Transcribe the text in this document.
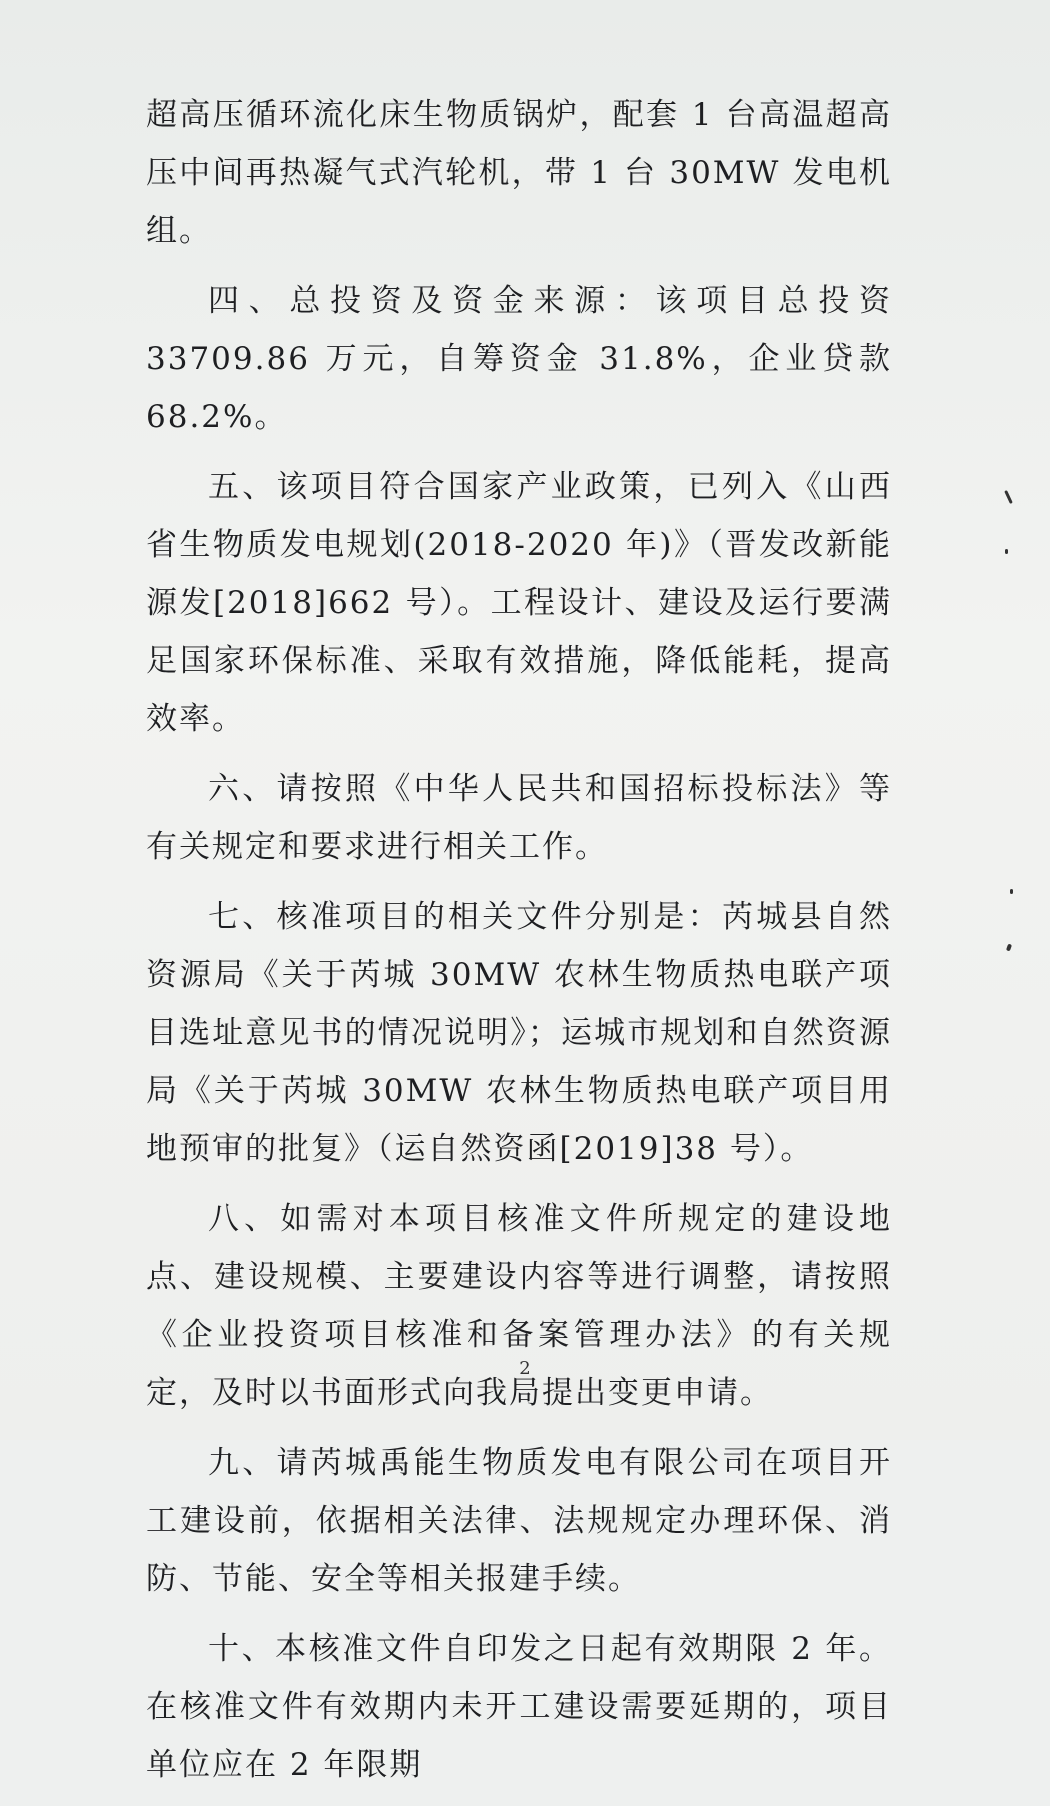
超高压循环流化床生物质锅炉，配套 1 台高温超高压中间再热凝气式汽轮机，带 1 台 30MW 发电机组。

四、总投资及资金来源：该项目总投资 33709.86 万元，自筹资金 31.8%，企业贷款 68.2%。

五、该项目符合国家产业政策，已列入《山西省生物质发电规划(2018-2020 年)》（晋发改新能源发[2018]662 号）。工程设计、建设及运行要满足国家环保标准、采取有效措施，降低能耗，提高效率。

六、请按照《中华人民共和国招标投标法》等有关规定和要求进行相关工作。

七、核准项目的相关文件分别是：芮城县自然资源局《关于芮城 30MW 农林生物质热电联产项目选址意见书的情况说明》；运城市规划和自然资源局《关于芮城 30MW 农林生物质热电联产项目用地预审的批复》（运自然资函[2019]38 号）。

八、如需对本项目核准文件所规定的建设地点、建设规模、主要建设内容等进行调整，请按照《企业投资项目核准和备案管理办法》的有关规定，及时以书面形式向我局提出变更申请。

九、请芮城禹能生物质发电有限公司在项目开工建设前，依据相关法律、法规规定办理环保、消防、节能、安全等相关报建手续。

十、本核准文件自印发之日起有效期限 2 年。在核准文件有效期内未开工建设需要延期的，项目单位应在 2 年限期

2
